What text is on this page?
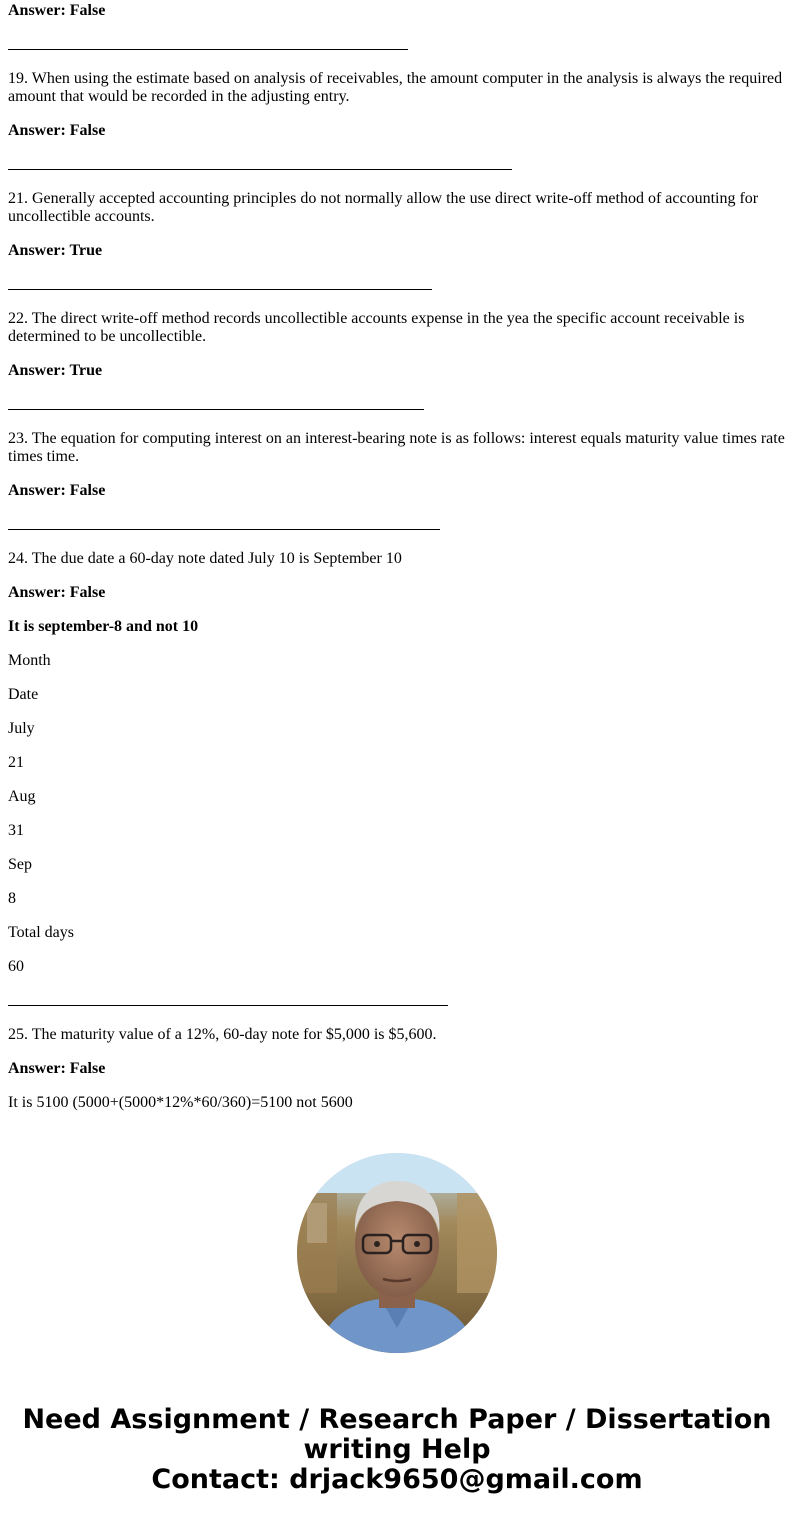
Answer: False

19. When using the estimate based on analysis of receivables, the amount computer in the analysis is always the required amount that would be recorded in the adjusting entry.

Answer: False

21. Generally accepted accounting principles do not normally allow the use direct write-off method of accounting for uncollectible accounts.

Answer: True

22. The direct write-off method records uncollectible accounts expense in the yea the specific account receivable is determined to be uncollectible.

Answer: True

23. The equation for computing interest on an interest-bearing note is as follows: interest equals maturity value times rate times time.

Answer: False

24. The due date a 60-day note dated July 10 is September 10

Answer: False

It is september-8 and not 10

Month

Date

July

21

Aug

31

Sep

8

Total days

60

25. The maturity value of a 12%, 60-day note for $5,000 is $5,600.

Answer: False

It is 5100 (5000+(5000*12%*60/360)=5100 not 5600

Need Assignment / Research Paper / Dissertation
writing Help
Contact: drjack9650@gmail.com
